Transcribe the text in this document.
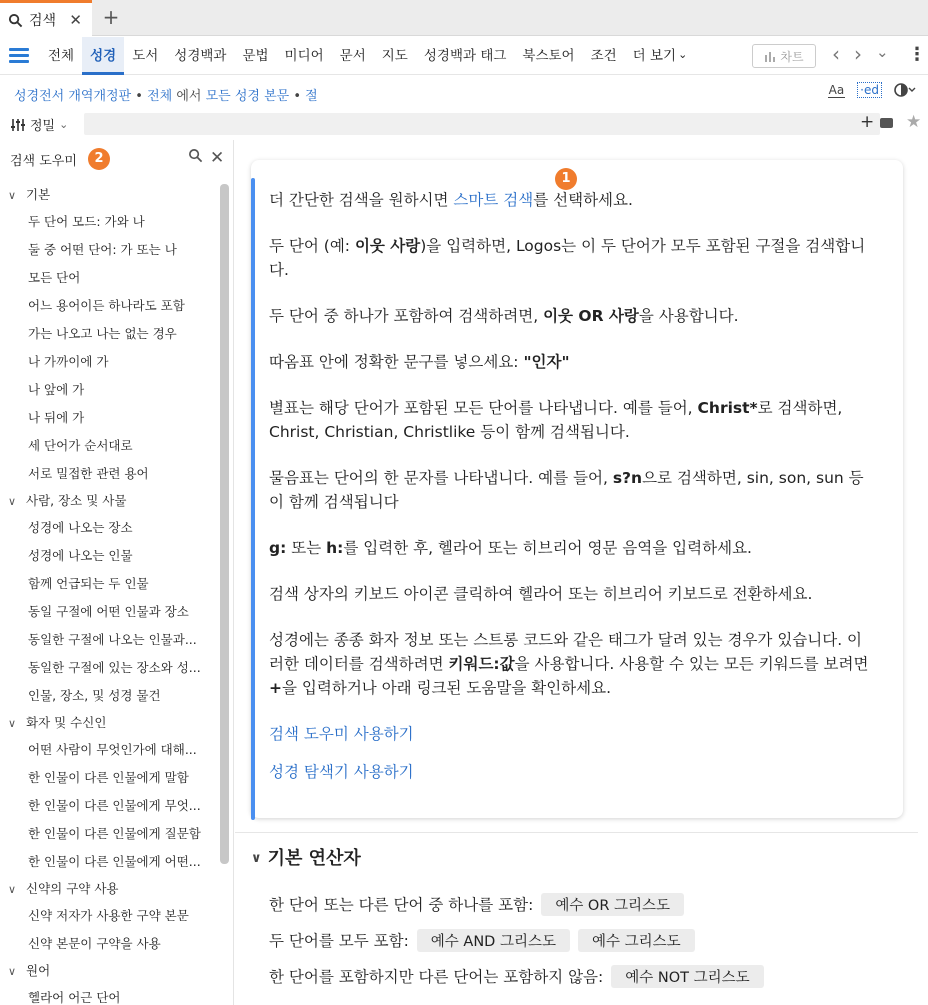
검색 ✕ +
전체	성경	도서	성경백과	문법	미디어	문서	지도	성경백과 태그	북스토어	조건	더 보기 ⌄	차트 ‹ › ⌄ ⋮
성경전서 개역개정판 • 전체 에서 모든 성경 본문 • 절	Aa ·ed
정밀 ⌄	+ ★
검색 도우미	2	✕
∨ 기본
두 단어 모드: 가와 나
둘 중 어떤 단어: 가 또는 나
모든 단어
어느 용어이든 하나라도 포함
가는 나오고 나는 없는 경우
나 가까이에 가
나 앞에 가
나 뒤에 가
세 단어가 순서대로
서로 밀접한 관련 용어
∨ 사람, 장소 및 사물
성경에 나오는 장소
성경에 나오는 인물
함께 언급되는 두 인물
동일 구절에 어떤 인물과 장소
동일한 구절에 나오는 인물과...
동일한 구절에 있는 장소와 성...
인물, 장소, 및 성경 물건
∨ 화자 및 수신인
어떤 사람이 무엇인가에 대해...
한 인물이 다른 인물에게 말함
한 인물이 다른 인물에게 무엇...
한 인물이 다른 인물에게 질문함
한 인물이 다른 인물에게 어떤...
∨ 신약의 구약 사용
신약 저자가 사용한 구약 본문
신약 본문이 구약을 사용
∨ 원어
헬라어 어근 단어
1

더 간단한 검색을 원하시면 스마트 검색를 선택하세요.

두 단어 (예: 이웃 사랑)을 입력하면, Logos는 이 두 단어가 모두 포함된 구절을 검색합니다.

두 단어 중 하나가 포함하여 검색하려면, 이웃 OR 사랑을 사용합니다.

따옴표 안에 정확한 문구를 넣으세요: "인자"

별표는 해당 단어가 포함된 모든 단어를 나타냅니다. 예를 들어, Christ*로 검색하면, Christ, Christian, Christlike 등이 함께 검색됩니다.

물음표는 단어의 한 문자를 나타냅니다. 예를 들어, s?n으로 검색하면, sin, son, sun 등이 함께 검색됩니다

g: 또는 h:를 입력한 후, 헬라어 또는 히브리어 영문 음역을 입력하세요.

검색 상자의 키보드 아이콘 클릭하여 헬라어 또는 히브리어 키보드로 전환하세요.

성경에는 종종 화자 정보 또는 스트롱 코드와 같은 태그가 달려 있는 경우가 있습니다. 이러한 데이터를 검색하려면 키워드:값을 사용합니다. 사용할 수 있는 모든 키워드를 보려면 +을 입력하거나 아래 링크된 도움말을 확인하세요.

검색 도우미 사용하기
성경 탐색기 사용하기
∨ 기본 연산자
한 단어 또는 다른 단어 중 하나를 포함:	예수 OR 그리스도
두 단어를 모두 포함:	예수 AND 그리스도	예수 그리스도
한 단어를 포함하지만 다른 단어는 포함하지 않음:	예수 NOT 그리스도
